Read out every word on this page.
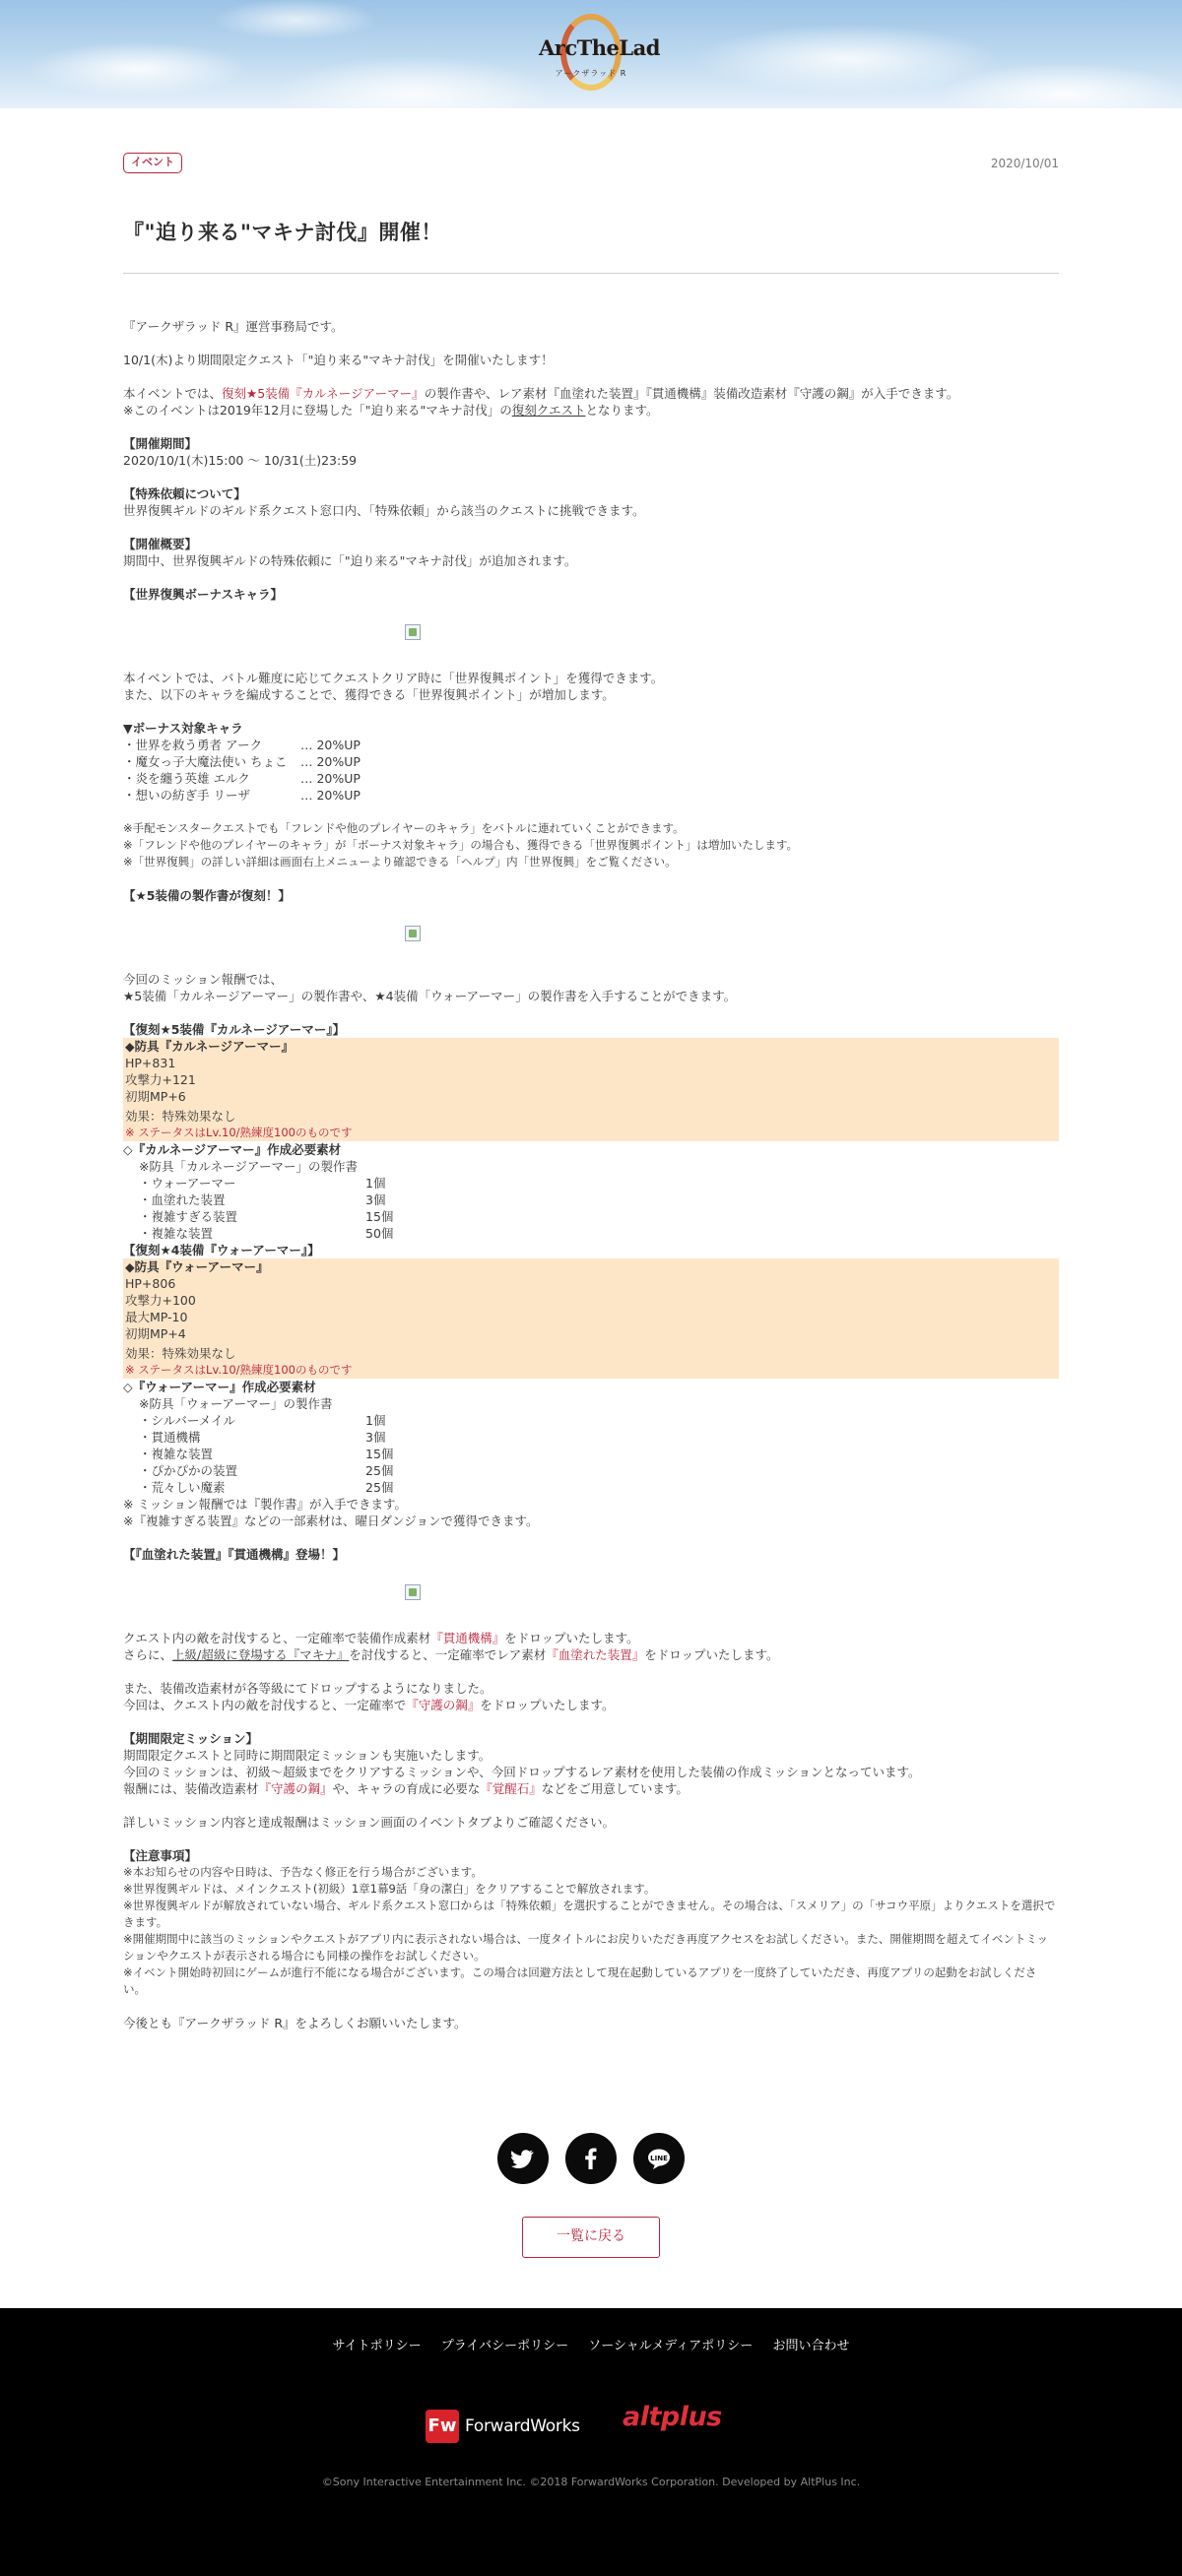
ArcTheLad
アークザラッド R
イベント	2020/10/01
『"迫り来る"マキナ討伐』開催！
『アークザラッド R』運営事務局です。
10/1(木)より期間限定クエスト「"迫り来る"マキナ討伐」を開催いたします！
本イベントでは、復刻★5装備『カルネージアーマー』の製作書や、レア素材『血塗れた装置』『貫通機構』装備改造素材『守護の鋼』が入手できます。
※このイベントは2019年12月に登場した「"迫り来る"マキナ討伐」の復刻クエストとなります。
【開催期間】
2020/10/1(木)15:00 〜 10/31(土)23:59
【特殊依頼について】
世界復興ギルドのギルド系クエスト窓口内、「特殊依頼」から該当のクエストに挑戦できます。
【開催概要】
期間中、世界復興ギルドの特殊依頼に「"迫り来る"マキナ討伐」が追加されます。
【世界復興ボーナスキャラ】
本イベントでは、バトル難度に応じてクエストクリア時に「世界復興ポイント」を獲得できます。
また、以下のキャラを編成することで、獲得できる「世界復興ポイント」が増加します。
▼ボーナス対象キャラ
・世界を救う勇者 アーク	… 20%UP
・魔女っ子大魔法使い ちょこ	… 20%UP
・炎を纏う英雄 エルク	… 20%UP
・想いの紡ぎ手 リーザ	… 20%UP
※手配モンスタークエストでも「フレンドや他のプレイヤーのキャラ」をバトルに連れていくことができます。
※「フレンドや他のプレイヤーのキャラ」が「ボーナス対象キャラ」の場合も、獲得できる「世界復興ポイント」は増加いたします。
※「世界復興」の詳しい詳細は画面右上メニューより確認できる「ヘルプ」内「世界復興」をご覧ください。
【★5装備の製作書が復刻！】
今回のミッション報酬では、
★5装備「カルネージアーマー」の製作書や、★4装備「ウォーアーマー」の製作書を入手することができます。
【復刻★5装備『カルネージアーマー』】
◆防具『カルネージアーマー』
HP+831
攻撃力+121
初期MP+6
効果：特殊効果なし
※ ステータスはLv.10/熟練度100のものです
◇『カルネージアーマー』作成必要素材
※防具「カルネージアーマー」の製作書
・ウォーアーマー	1個
・血塗れた装置	3個
・複雑すぎる装置	15個
・複雑な装置	50個
【復刻★4装備『ウォーアーマー』】
◆防具『ウォーアーマー』
HP+806
攻撃力+100
最大MP-10
初期MP+4
効果：特殊効果なし
※ ステータスはLv.10/熟練度100のものです
◇『ウォーアーマー』作成必要素材
※防具「ウォーアーマー」の製作書
・シルバーメイル	1個
・貫通機構	3個
・複雑な装置	15個
・ぴかぴかの装置	25個
・荒々しい魔素	25個
※ ミッション報酬では『製作書』が入手できます。
※『複雑すぎる装置』などの一部素材は、曜日ダンジョンで獲得できます。
【『血塗れた装置』『貫通機構』登場！】
クエスト内の敵を討伐すると、一定確率で装備作成素材『貫通機構』をドロップいたします。
さらに、上級/超級に登場する『マキナ』を討伐すると、一定確率でレア素材『血塗れた装置』をドロップいたします。
また、装備改造素材が各等級にてドロップするようになりました。
今回は、クエスト内の敵を討伐すると、一定確率で『守護の鋼』をドロップいたします。
【期間限定ミッション】
期間限定クエストと同時に期間限定ミッションも実施いたします。
今回のミッションは、初級～超級までをクリアするミッションや、今回ドロップするレア素材を使用した装備の作成ミッションとなっています。
報酬には、装備改造素材『守護の鋼』や、キャラの育成に必要な『覚醒石』などをご用意しています。
詳しいミッション内容と達成報酬はミッション画面のイベントタブよりご確認ください。
【注意事項】
※本お知らせの内容や日時は、予告なく修正を行う場合がございます。
※世界復興ギルドは、メインクエスト(初級）1章1幕9話「身の潔白」をクリアすることで解放されます。
※世界復興ギルドが解放されていない場合、ギルド系クエスト窓口からは「特殊依頼」を選択することができません。その場合は、「スメリア」の「サコウ平原」よりクエストを選択できます。
※開催期間中に該当のミッションやクエストがアプリ内に表示されない場合は、一度タイトルにお戻りいただき再度アクセスをお試しください。また、開催期間を超えてイベントミッションやクエストが表示される場合にも同様の操作をお試しください。
※イベント開始時初回にゲームが進行不能になる場合がございます。この場合は回避方法として現在起動しているアプリを一度終了していただき、再度アプリの起動をお試しください。
今後とも『アークザラッド R』をよろしくお願いいたします。
LINE
一覧に戻る
サイトポリシー プライバシーポリシー ソーシャルメディアポリシー お問い合わせ
Fw ForwardWorks altplus
©Sony Interactive Entertainment Inc. ©2018 ForwardWorks Corporation. Developed by AltPlus Inc.
